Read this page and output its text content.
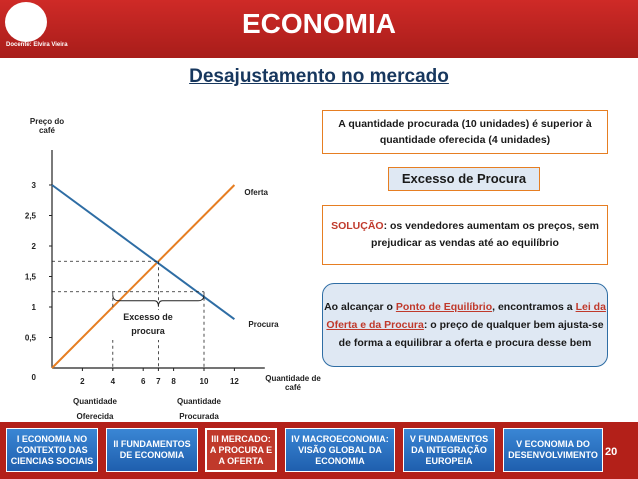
Docente: Elvira Vieira
ECONOMIA
Desajustamento no mercado
0
0,5
1
1,5
2
2,5
3
2	4	6 7 8	10	12
Oferta
Procura
Preço do café
Quantidade de café
Quantidade Oferecida
Quantidade Procurada
Excesso de procura
A quantidade procurada (10 unidades) é superior à quantidade oferecida (4 unidades)
Excesso de Procura
SOLUÇÃO: os vendedores aumentam os preços, sem prejudicar as vendas até ao equilíbrio
Ao alcançar o Ponto de Equilíbrio, encontramos a Lei da Oferta e da Procura: o preço de qualquer bem ajusta-se de forma a equilibrar a oferta e procura desse bem
I ECONOMIA NO CONTEXTO DAS CIENCIAS SOCIAIS
II FUNDAMENTOS DE ECONOMIA
III MERCADO: A PROCURA E A OFERTA
IV MACROECONOMIA: VISÃO GLOBAL DA ECONOMIA
V FUNDAMENTOS DA INTEGRAÇÃO EUROPEIA
V ECONOMIA DO DESENVOLVIMENTO 20
